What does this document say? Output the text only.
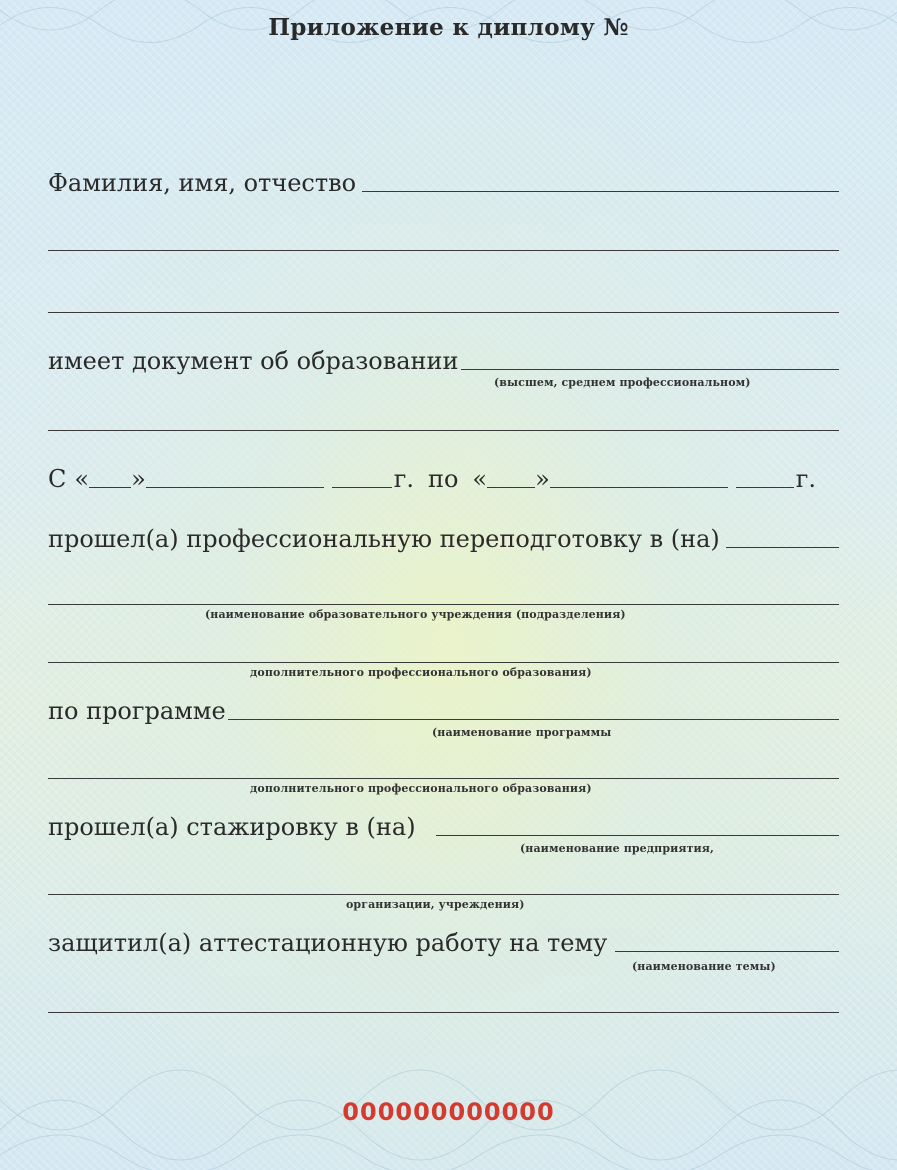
Приложение к диплому №
Фамилия, имя, отчество
имеет документ об образовании
(высшем, среднем профессиональном)
С « »	г. по « »	г.
прошел(а) профессиональную переподготовку в (на)
(наименование образовательного учреждения (подразделения)
дополнительного профессионального образования)
по программе
(наименование программы
дополнительного профессионального образования)
прошел(а) стажировку в (на)
(наименование предприятия,
организации, учреждения)
защитил(а) аттестационную работу на тему
(наименование темы)
000000000000
